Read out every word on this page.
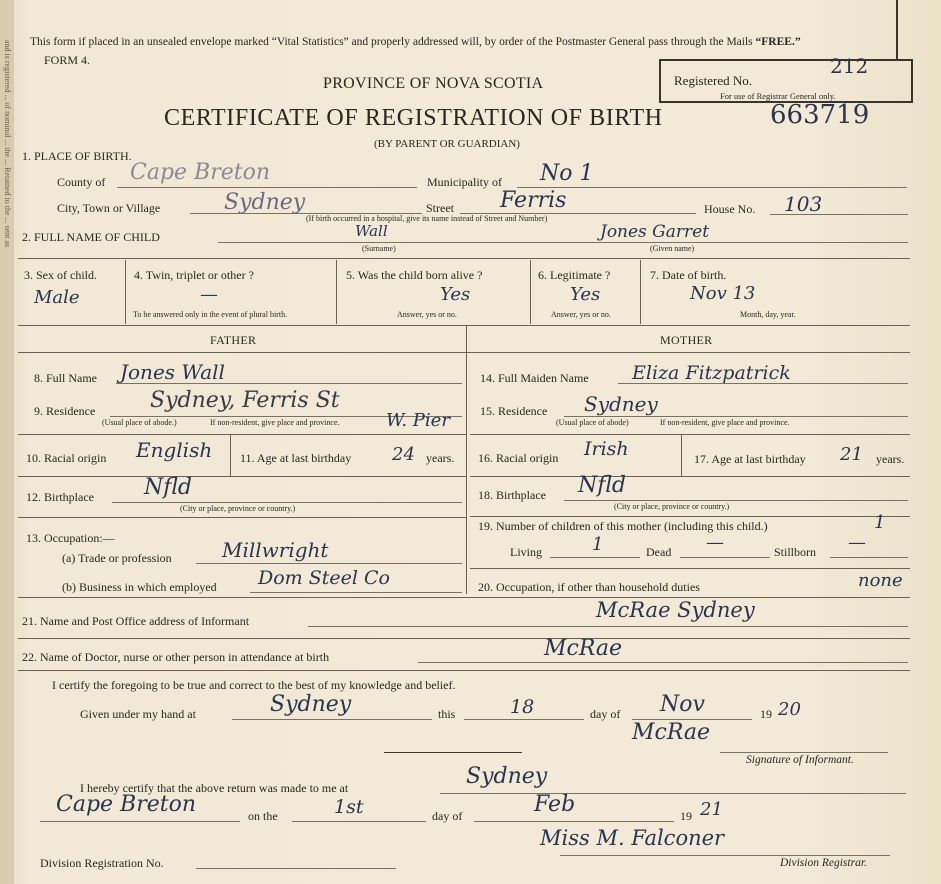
and is registered ... of nominal ... the ... Retained to the ... sent as This form if placed in an unsealed envelope marked “Vital Statistics” and properly addressed will, by order of the Postmaster General pass through the Mails “FREE.”
FORM 4.
PROVINCE OF NOVA SCOTIA	Registered No.
212
For use of Registrar General only.
CERTIFICATE OF REGISTRATION OF BIRTH	663719
(BY PARENT OR GUARDIAN)
1. PLACE OF BIRTH.
County of Cape Breton	Municipality of No 1
City, Town or Village	Sydney	Street Ferris	House No. 103
(If birth occurred in a hospital, give its name instead of Street and Number)
2. FULL NAME OF CHILD	Wall
(Surname)
Jones Garret
(Given name)
3. Sex of child.
Male
4. Twin, triplet or other ?
—
To be answered only in the event of plural birth.
5. Was the child born alive ?
Yes
Answer, yes or no.
6. Legitimate ?
Yes
Answer, yes or no.
7. Date of birth.
Nov 13
Month, day, year.
FATHER	MOTHER
8. Full Name Jones Wall
9. Residence Sydney, Ferris St
W. Pier
(Usual place of abode.)	If non-resident, give place and province.
10. Racial origin English 11. Age at last birthday 24 years.
12. Birthplace Nfld
(City or place, province or country.)
13. Occupation:—
(a) Trade or profession	Millwright
(b) Business in which employed Dom Steel Co
14. Full Maiden Name Eliza Fitzpatrick
15. Residence Sydney
(Usual place of abode)	If non-resident, give place and province.
16. Racial origin Irish	17. Age at last birthday 21 years.
18. Birthplace Nfld
(City or place, province or country.)
19. Number of children of this mother (including this child.)	1
Living	1	Dead —	Stillborn —
20. Occupation, if other than household duties	none
21. Name and Post Office address of Informant	McRae Sydney
22. Name of Doctor, nurse or other person in attendance at birth	McRae
I certify the foregoing to be true and correct to the best of my knowledge and belief.
Given under my hand at	Sydney	this	18	day of Nov	19 20
McRae
Signature of Informant.
I hereby certify that the above return was made to me at	Sydney
Cape Breton	on the	1st	day of	Feb	19 21
Miss M. Falconer
Division Registration No.	Division Registrar.
